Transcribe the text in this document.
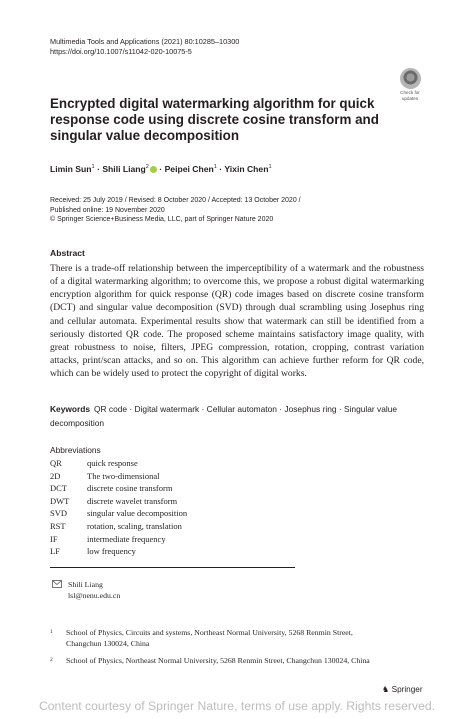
Multimedia Tools and Applications (2021) 80:10285–10300
https://doi.org/10.1007/s11042-020-10075-5
Check for
updates
Encrypted digital watermarking algorithm for quick response code using discrete cosine transform and singular value decomposition
Limin Sun$^1$ · Shili Liang$^2$ · Peipei Chen$^1$ · Yixin Chen$^1$
Received: 25 July 2019 / Revised: 8 October 2020 / Accepted: 13 October 2020 /
Published online: 19 November 2020
© Springer Science+Business Media, LLC, part of Springer Nature 2020
Abstract

There is a trade-off relationship between the imperceptibility of a watermark and the robustness of a digital watermarking algorithm; to overcome this, we propose a robust digital watermarking encryption algorithm for quick response (QR) code images based on discrete cosine transform (DCT) and singular value decomposition (SVD) through dual scrambling using Josephus ring and cellular automata. Experimental results show that watermark can still be identified from a seriously distorted QR code. The proposed scheme maintains satisfactory image quality, with great robustness to noise, filters, JPEG compression, rotation, cropping, contrast variation attacks, print/scan attacks, and so on. This algorithm can achieve further reform for QR code, which can be widely used to protect the copyright of digital works.

Keywords QR code · Digital watermark · Cellular automaton · Josephus ring · Singular value decomposition
Abbreviations
QR	quick response
2D	The two-dimensional
DCT	discrete cosine transform
DWT	discrete wavelet transform
SVD	singular value decomposition
RST	rotation, scaling, translation
IF	intermediate frequency
LF	low frequency
Shili Liang
lsl@nenu.edu.cn
1 School of Physics, Circuits and systems, Northeast Normal University, 5268 Renmin Street,
Changchun 130024, China
2 School of Physics, Northeast Normal University, 5268 Renmin Street, Changchun 130024, China
♞ Springer
Content courtesy of Springer Nature, terms of use apply. Rights reserved.
